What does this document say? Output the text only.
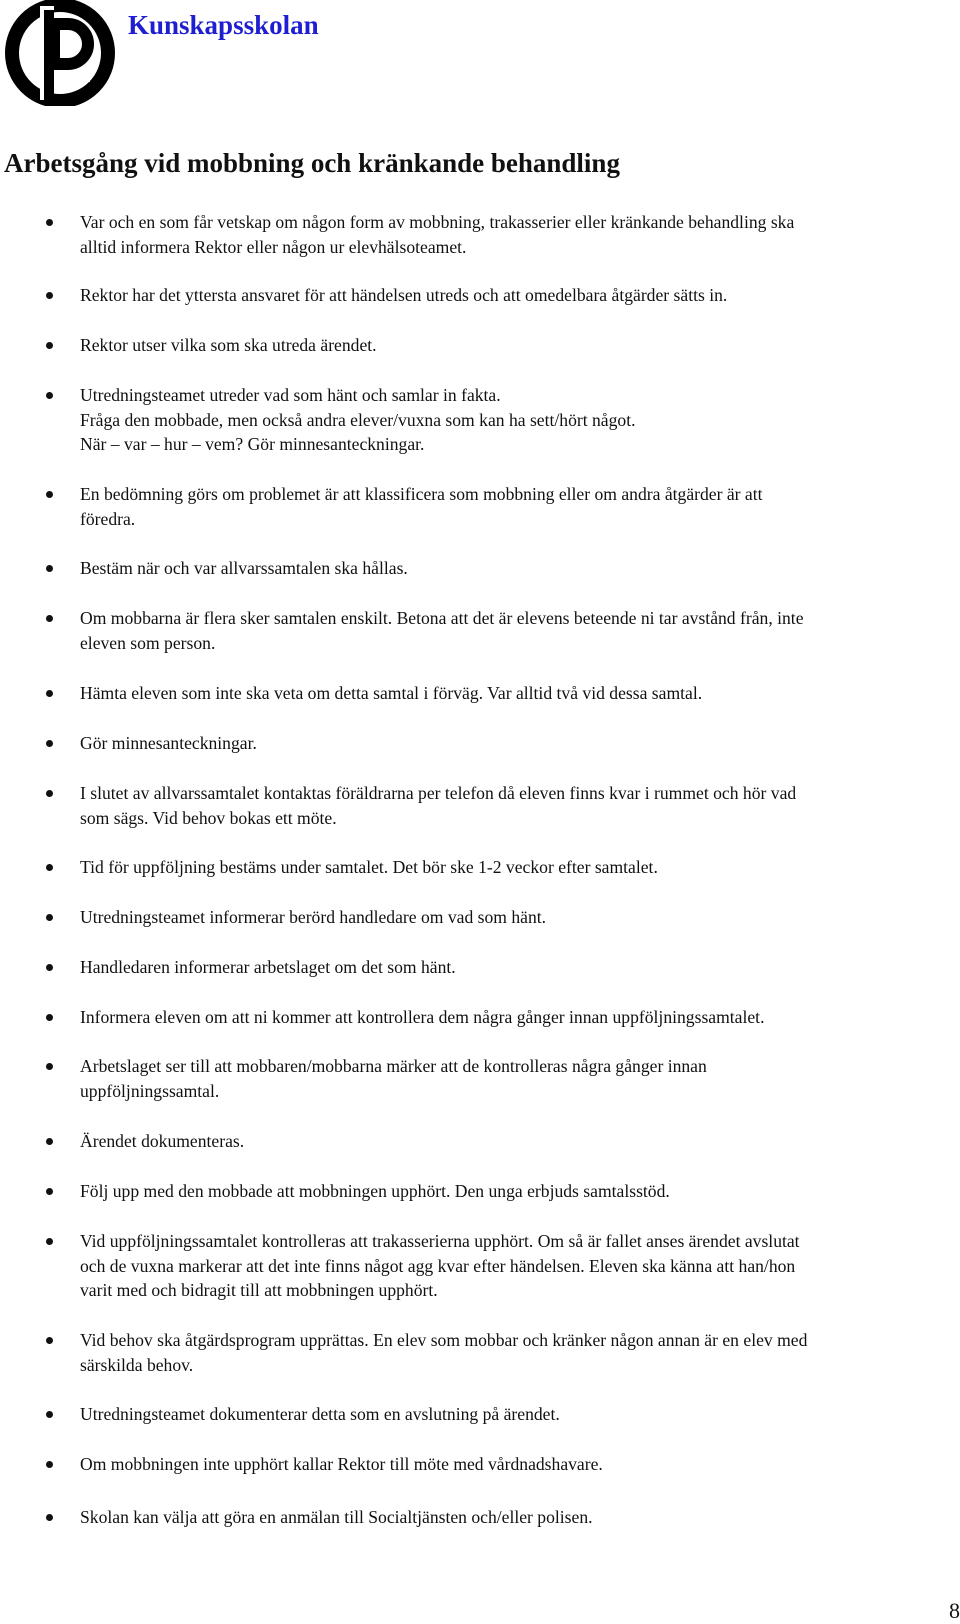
Kunskapsskolan
Arbetsgång vid mobbning och kränkande behandling
Var och en som får vetskap om någon form av mobbning, trakasserier eller kränkande behandling ska
alltid informera Rektor eller någon ur elevhälsoteamet.
Rektor har det yttersta ansvaret för att händelsen utreds och att omedelbara åtgärder sätts in.
Rektor utser vilka som ska utreda ärendet.
Utredningsteamet utreder vad som hänt och samlar in fakta.
Fråga den mobbade, men också andra elever/vuxna som kan ha sett/hört något.
När – var – hur – vem? Gör minnesanteckningar.
En bedömning görs om problemet är att klassificera som mobbning eller om andra åtgärder är att
föredra.
Bestäm när och var allvarssamtalen ska hållas.
Om mobbarna är flera sker samtalen enskilt. Betona att det är elevens beteende ni tar avstånd från, inte
eleven som person.
Hämta eleven som inte ska veta om detta samtal i förväg. Var alltid två vid dessa samtal.
Gör minnesanteckningar.
I slutet av allvarssamtalet kontaktas föräldrarna per telefon då eleven finns kvar i rummet och hör vad
som sägs. Vid behov bokas ett möte.
Tid för uppföljning bestäms under samtalet. Det bör ske 1-2 veckor efter samtalet.
Utredningsteamet informerar berörd handledare om vad som hänt.
Handledaren informerar arbetslaget om det som hänt.
Informera eleven om att ni kommer att kontrollera dem några gånger innan uppföljningssamtalet.
Arbetslaget ser till att mobbaren/mobbarna märker att de kontrolleras några gånger innan
uppföljningssamtal.
Ärendet dokumenteras.
Följ upp med den mobbade att mobbningen upphört. Den unga erbjuds samtalsstöd.
Vid uppföljningssamtalet kontrolleras att trakasserierna upphört. Om så är fallet anses ärendet avslutat
och de vuxna markerar att det inte finns något agg kvar efter händelsen. Eleven ska känna att han/hon
varit med och bidragit till att mobbningen upphört.
Vid behov ska åtgärdsprogram upprättas. En elev som mobbar och kränker någon annan är en elev med
särskilda behov.
Utredningsteamet dokumenterar detta som en avslutning på ärendet.
Om mobbningen inte upphört kallar Rektor till möte med vårdnadshavare.
Skolan kan välja att göra en anmälan till Socialtjänsten och/eller polisen.
8
